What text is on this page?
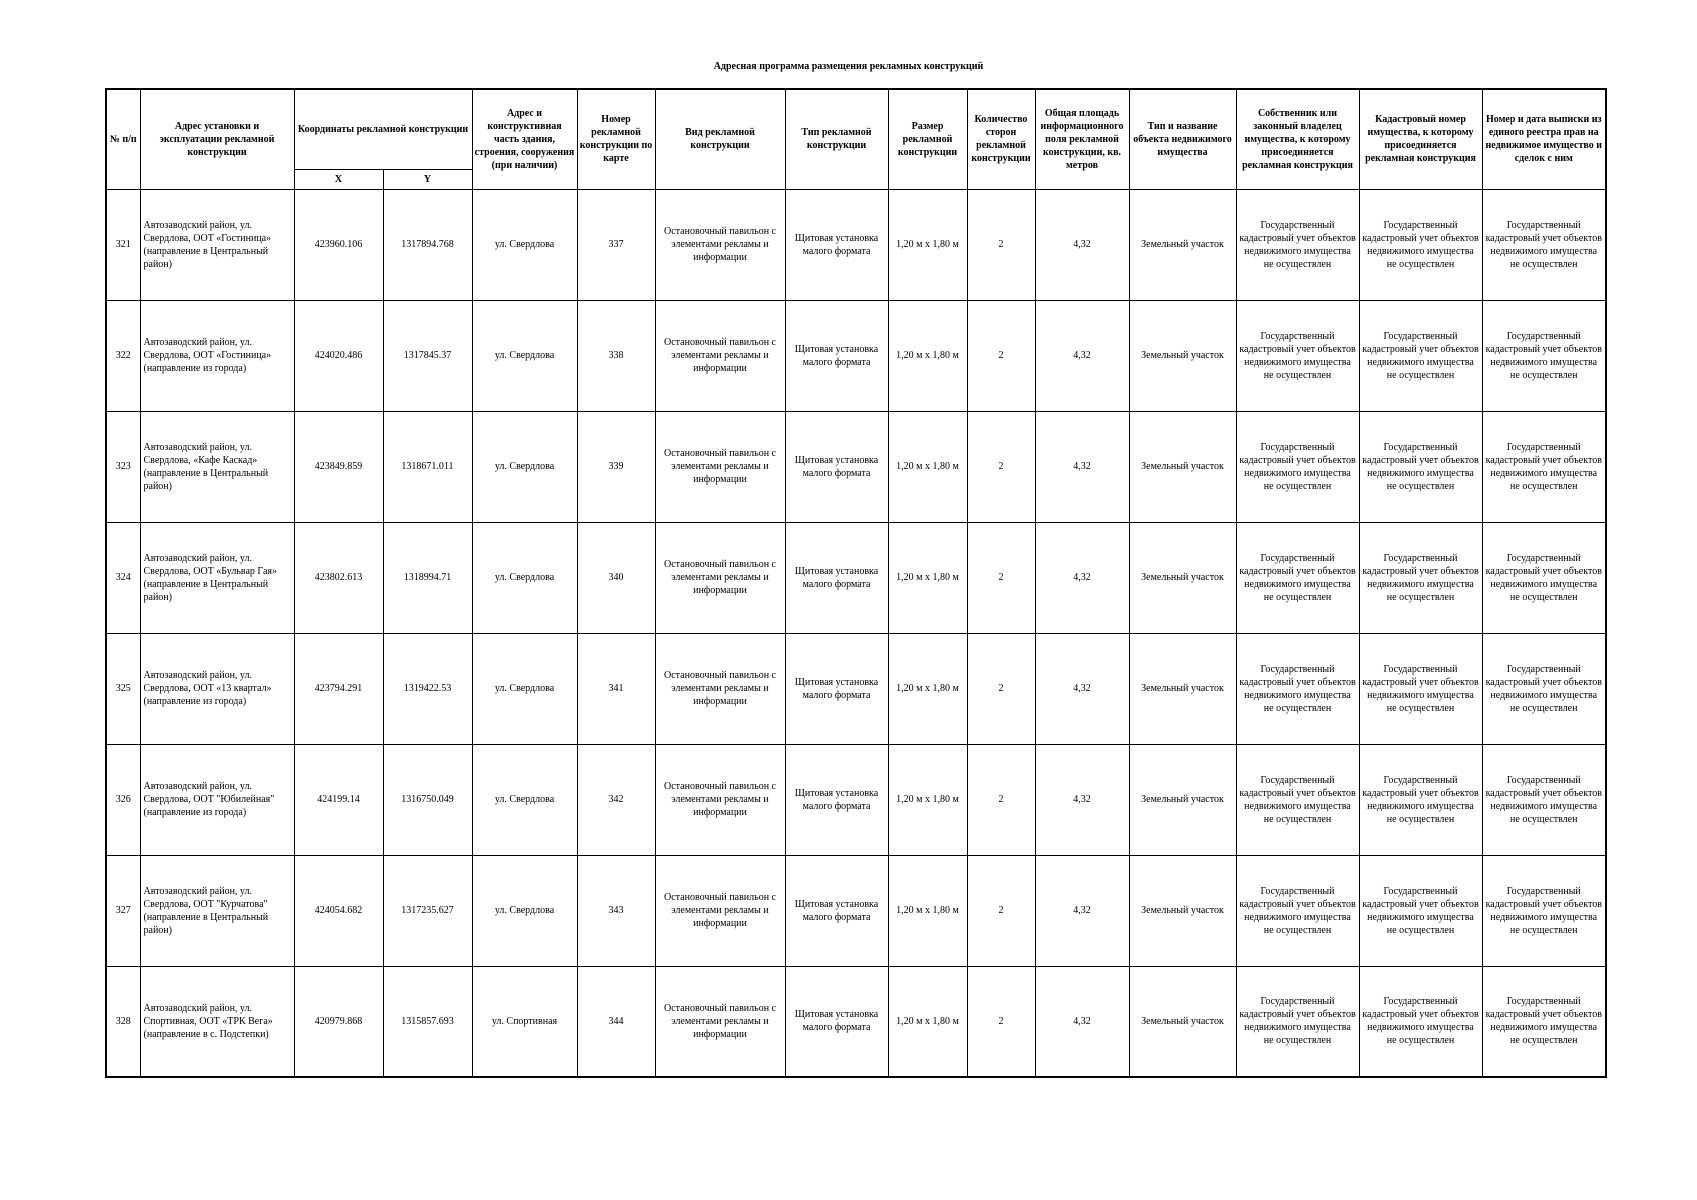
Адресная программа размещения рекламных конструкций
№ п/п	Адрес установки и эксплуатации рекламной конструкции	Координаты рекламной конструкции		Адрес и конструктивная часть здания, строения, сооружения (при наличии)	Номер рекламной конструкции по карте	Вид рекламной конструкции	Тип рекламной конструкции	Размер рекламной конструкции	Количество сторон рекламной конструкции	Общая площадь информационного поля рекламной конструкции, кв. метров	Тип и название объекта недвижимого имущества	Собственник или законный владелец имущества, к которому присоединяется рекламная конструкция	Кадастровый номер имущества, к которому присоединяется рекламная конструкция	Номер и дата выписки из единого реестра прав на недвижимое имущество и сделок с ним
		X	Y											
321	Автозаводский район, ул. Свердлова, ООТ «Гостиница» (направление в Центральный район)	423960.106	1317894.768	ул. Свердлова	337	Остановочный павильон с элементами рекламы и информации	Щитовая установка малого формата	1,20 м х 1,80 м	2	4,32	Земельный участок	Государственный кадастровый учет объектов недвижимого имущества не осуществлен	Государственный кадастровый учет объектов недвижимого имущества не осуществлен	Государственный кадастровый учет объектов недвижимого имущества не осуществлен
322	Автозаводский район, ул. Свердлова, ООТ «Гостиница» (направление из города)	424020.486	1317845.37	ул. Свердлова	338	Остановочный павильон с элементами рекламы и информации	Щитовая установка малого формата	1,20 м х 1,80 м	2	4,32	Земельный участок	Государственный кадастровый учет объектов недвижимого имущества не осуществлен	Государственный кадастровый учет объектов недвижимого имущества не осуществлен	Государственный кадастровый учет объектов недвижимого имущества не осуществлен
323	Автозаводский район, ул. Свердлова, «Кафе Каскад» (направление в Центральный район)	423849.859	1318671.011	ул. Свердлова	339	Остановочный павильон с элементами рекламы и информации	Щитовая установка малого формата	1,20 м х 1,80 м	2	4,32	Земельный участок	Государственный кадастровый учет объектов недвижимого имущества не осуществлен	Государственный кадастровый учет объектов недвижимого имущества не осуществлен	Государственный кадастровый учет объектов недвижимого имущества не осуществлен
324	Автозаводский район, ул. Свердлова, ООТ «Бульвар Гая» (направление в Центральный район)	423802.613	1318994.71	ул. Свердлова	340	Остановочный павильон с элементами рекламы и информации	Щитовая установка малого формата	1,20 м х 1,80 м	2	4,32	Земельный участок	Государственный кадастровый учет объектов недвижимого имущества не осуществлен	Государственный кадастровый учет объектов недвижимого имущества не осуществлен	Государственный кадастровый учет объектов недвижимого имущества не осуществлен
325	Автозаводский район, ул. Свердлова, ООТ «13 квартал» (направление из города)	423794.291	1319422.53	ул. Свердлова	341	Остановочный павильон с элементами рекламы и информации	Щитовая установка малого формата	1,20 м х 1,80 м	2	4,32	Земельный участок	Государственный кадастровый учет объектов недвижимого имущества не осуществлен	Государственный кадастровый учет объектов недвижимого имущества не осуществлен	Государственный кадастровый учет объектов недвижимого имущества не осуществлен
326	Автозаводский район, ул. Свердлова, ООТ "Юбилейная" (направление из города)	424199.14	1316750.049	ул. Свердлова	342	Остановочный павильон с элементами рекламы и информации	Щитовая установка малого формата	1,20 м х 1,80 м	2	4,32	Земельный участок	Государственный кадастровый учет объектов недвижимого имущества не осуществлен	Государственный кадастровый учет объектов недвижимого имущества не осуществлен	Государственный кадастровый учет объектов недвижимого имущества не осуществлен
327	Автозаводский район, ул. Свердлова, ООТ "Курчатова" (направление в Центральный район)	424054.682	1317235.627	ул. Свердлова	343	Остановочный павильон с элементами рекламы и информации	Щитовая установка малого формата	1,20 м х 1,80 м	2	4,32	Земельный участок	Государственный кадастровый учет объектов недвижимого имущества не осуществлен	Государственный кадастровый учет объектов недвижимого имущества не осуществлен	Государственный кадастровый учет объектов недвижимого имущества не осуществлен
328	Автозаводский район, ул. Спортивная, ООТ «ТРК Вега» (направление в с. Подстепки)	420979.868	1315857.693	ул. Спортивная	344	Остановочный павильон с элементами рекламы и информации	Щитовая установка малого формата	1,20 м х 1,80 м	2	4,32	Земельный участок	Государственный кадастровый учет объектов недвижимого имущества не осуществлен	Государственный кадастровый учет объектов недвижимого имущества не осуществлен	Государственный кадастровый учет объектов недвижимого имущества не осуществлен
